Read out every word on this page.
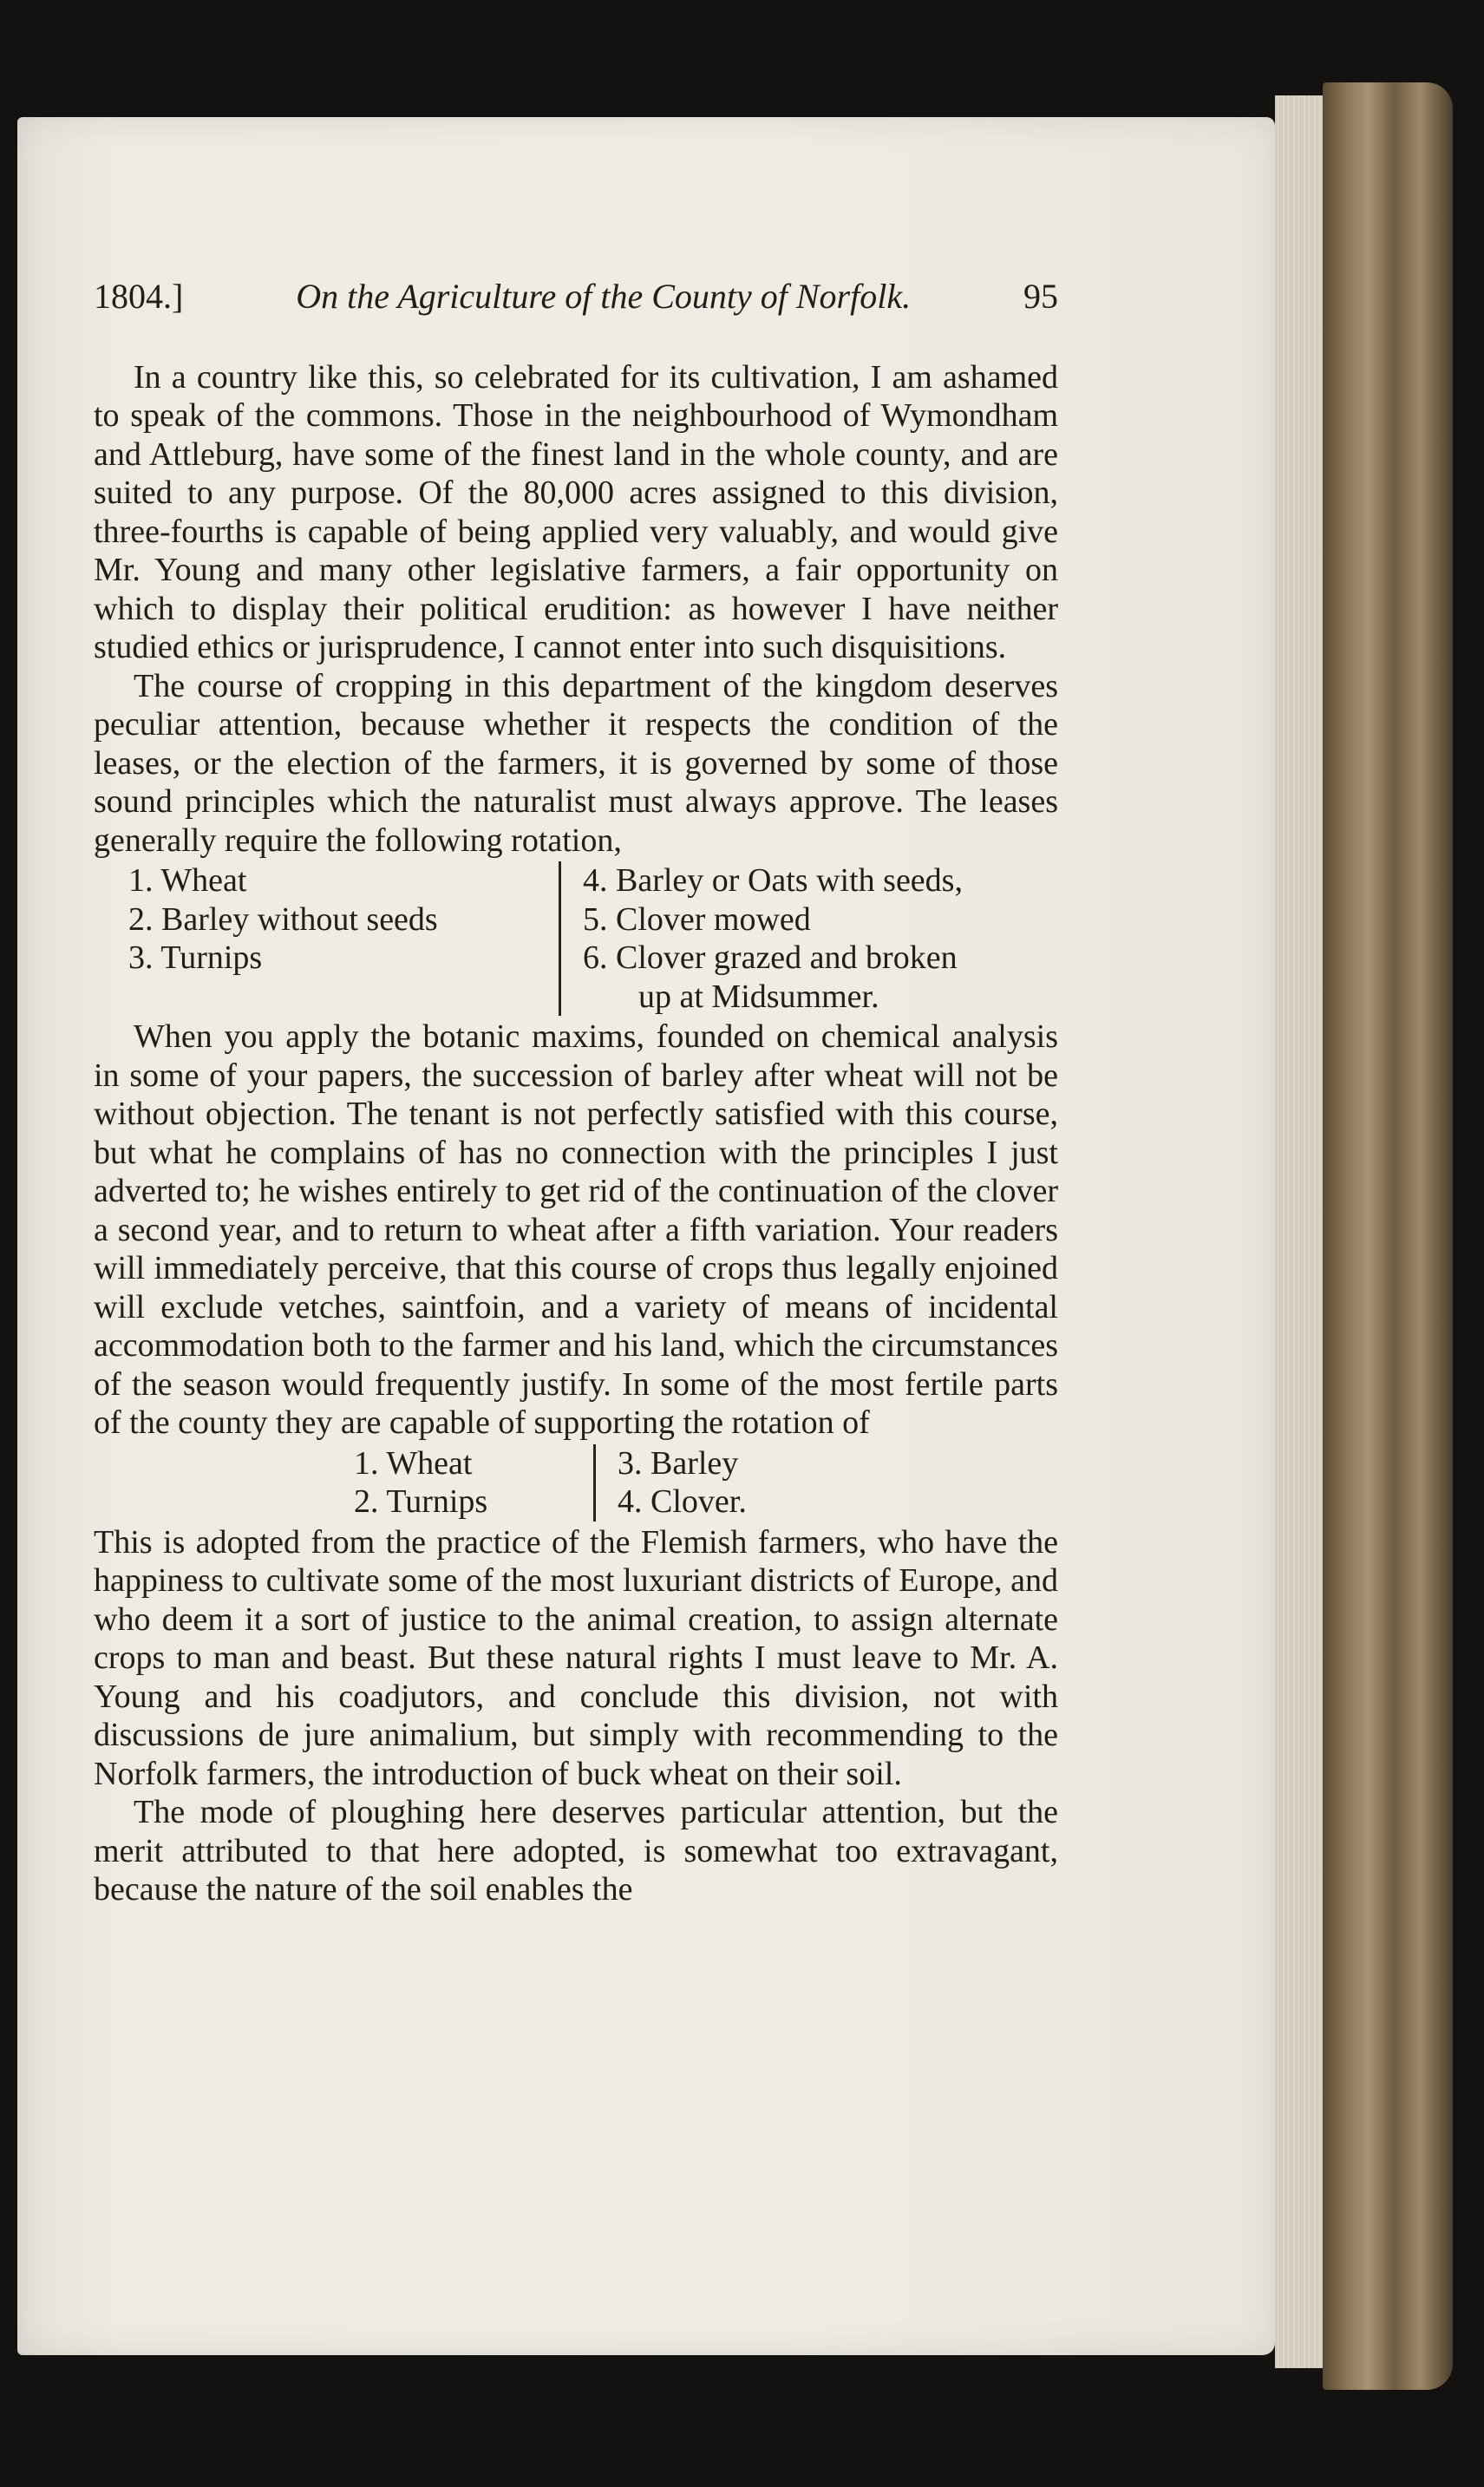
1804.]	On the Agriculture of the County of Norfolk.	95

In a country like this, so celebrated for its cultivation, I am ashamed to speak of the commons. Those in the neighbourhood of Wymondham and Attleburg, have some of the finest land in the whole county, and are suited to any purpose. Of the 80,000 acres assigned to this division, three-fourths is capable of being applied very valuably, and would give Mr. Young and many other legislative farmers, a fair opportunity on which to display their political erudition: as however I have neither studied ethics or jurisprudence, I cannot enter into such disquisitions.

The course of cropping in this department of the kingdom deserves peculiar attention, because whether it respects the condition of the leases, or the election of the farmers, it is governed by some of those sound principles which the naturalist must always approve. The leases generally require the following rotation,

1. Wheat
2. Barley without seeds
3. Turnips
4. Barley or Oats with seeds,
5. Clover mowed
6. Clover grazed and broken
up at Midsummer.

When you apply the botanic maxims, founded on chemical analysis in some of your papers, the succession of barley after wheat will not be without objection. The tenant is not perfectly satisfied with this course, but what he complains of has no connection with the principles I just adverted to; he wishes entirely to get rid of the continuation of the clover a second year, and to return to wheat after a fifth variation. Your readers will immediately perceive, that this course of crops thus legally enjoined will exclude vetches, saintfoin, and a variety of means of incidental accommodation both to the farmer and his land, which the circumstances of the season would frequently justify. In some of the most fertile parts of the county they are capable of supporting the rotation of

1. Wheat
2. Turnips
3. Barley
4. Clover.

This is adopted from the practice of the Flemish farmers, who have the happiness to cultivate some of the most luxuriant districts of Europe, and who deem it a sort of justice to the animal creation, to assign alternate crops to man and beast. But these natural rights I must leave to Mr. A. Young and his coadjutors, and conclude this division, not with discussions de jure animalium, but simply with recommending to the Norfolk farmers, the introduction of buck wheat on their soil.

The mode of ploughing here deserves particular attention, but the merit attributed to that here adopted, is somewhat too extravagant, because the nature of the soil enables the
